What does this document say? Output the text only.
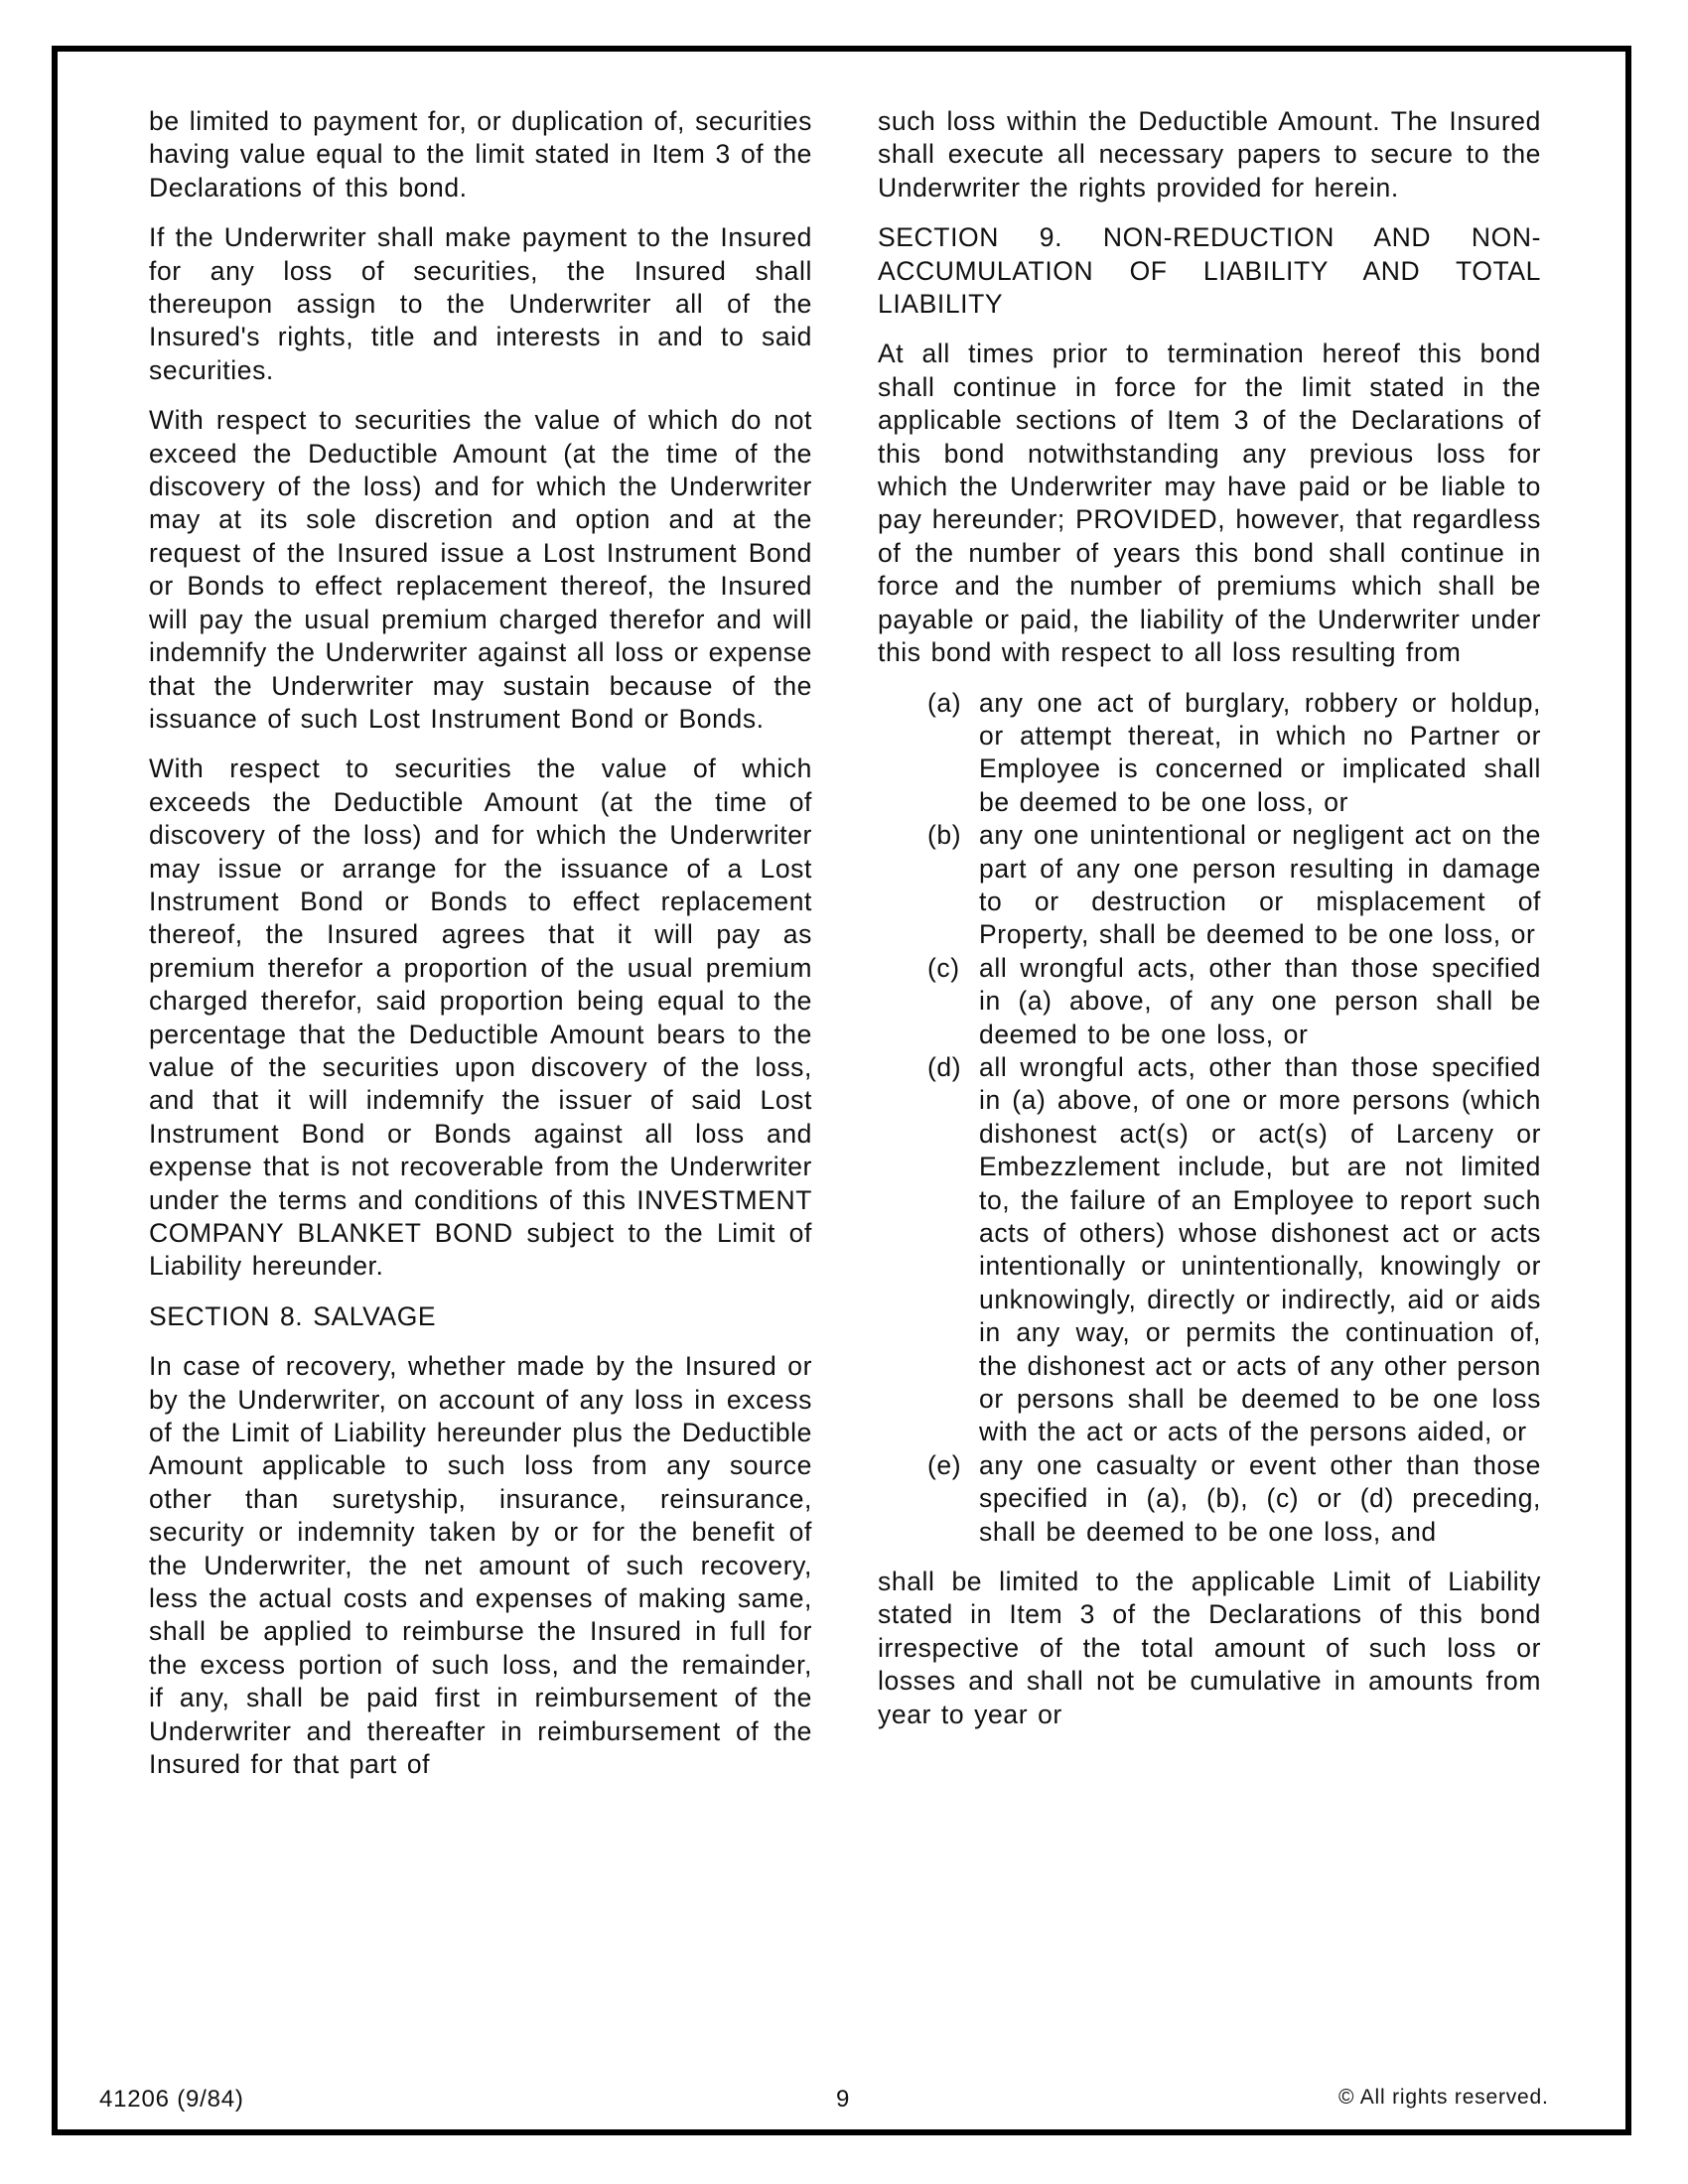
be limited to payment for, or duplication of, securities having value equal to the limit stated in Item 3 of the Declarations of this bond.

If the Underwriter shall make payment to the Insured for any loss of securities, the Insured shall thereupon assign to the Underwriter all of the Insured's rights, title and interests in and to said securities.

With respect to securities the value of which do not exceed the Deductible Amount (at the time of the discovery of the loss) and for which the Underwriter may at its sole discretion and option and at the request of the Insured issue a Lost Instrument Bond or Bonds to effect replacement thereof, the Insured will pay the usual premium charged therefor and will indemnify the Underwriter against all loss or expense that the Underwriter may sustain because of the issuance of such Lost Instrument Bond or Bonds.

With respect to securities the value of which exceeds the Deductible Amount (at the time of discovery of the loss) and for which the Underwriter may issue or arrange for the issuance of a Lost Instrument Bond or Bonds to effect replacement thereof, the Insured agrees that it will pay as premium therefor a proportion of the usual premium charged therefor, said proportion being equal to the percentage that the Deductible Amount bears to the value of the securities upon discovery of the loss, and that it will indemnify the issuer of said Lost Instrument Bond or Bonds against all loss and expense that is not recoverable from the Underwriter under the terms and conditions of this INVESTMENT COMPANY BLANKET BOND subject to the Limit of Liability hereunder.

SECTION 8. SALVAGE

In case of recovery, whether made by the Insured or by the Underwriter, on account of any loss in excess of the Limit of Liability hereunder plus the Deductible Amount applicable to such loss from any source other than suretyship, insurance, reinsurance, security or indemnity taken by or for the benefit of the Underwriter, the net amount of such recovery, less the actual costs and expenses of making same, shall be applied to reimburse the Insured in full for the excess portion of such loss, and the remainder, if any, shall be paid first in reimbursement of the Underwriter and thereafter in reimbursement of the Insured for that part of

such loss within the Deductible Amount. The Insured shall execute all necessary papers to secure to the Underwriter the rights provided for herein.

SECTION 9. NON-REDUCTION AND NON-ACCUMULATION OF LIABILITY AND TOTAL LIABILITY

At all times prior to termination hereof this bond shall continue in force for the limit stated in the applicable sections of Item 3 of the Declarations of this bond notwithstanding any previous loss for which the Underwriter may have paid or be liable to pay hereunder; PROVIDED, however, that regardless of the number of years this bond shall continue in force and the number of premiums which shall be payable or paid, the liability of the Underwriter under this bond with respect to all loss resulting from

(a) any one act of burglary, robbery or holdup, or attempt thereat, in which no Partner or Employee is concerned or implicated shall be deemed to be one loss, or
(b) any one unintentional or negligent act on the part of any one person resulting in damage to or destruction or misplacement of Property, shall be deemed to be one loss, or
(c) all wrongful acts, other than those specified in (a) above, of any one person shall be deemed to be one loss, or
(d) all wrongful acts, other than those specified in (a) above, of one or more persons (which dishonest act(s) or act(s) of Larceny or Embezzlement include, but are not limited to, the failure of an Employee to report such acts of others) whose dishonest act or acts intentionally or unintentionally, knowingly or unknowingly, directly or indirectly, aid or aids in any way, or permits the continuation of, the dishonest act or acts of any other person or persons shall be deemed to be one loss with the act or acts of the persons aided, or
(e) any one casualty or event other than those specified in (a), (b), (c) or (d) preceding, shall be deemed to be one loss, and

shall be limited to the applicable Limit of Liability stated in Item 3 of the Declarations of this bond irrespective of the total amount of such loss or losses and shall not be cumulative in amounts from year to year or

41206 (9/84)	9	© All rights reserved.
